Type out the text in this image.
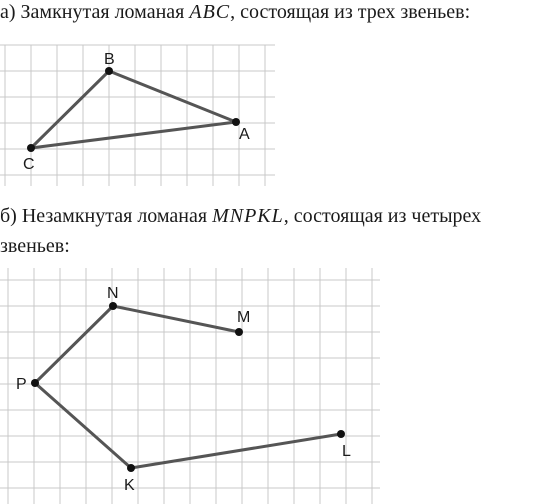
а) Замкнутая ломаная ABC, состоящая из трех звеньев:
б) Незамкнутая ломаная MNPKL, состоящая из четырех
звеньев:
B
A
C
N
M
P
K
L
